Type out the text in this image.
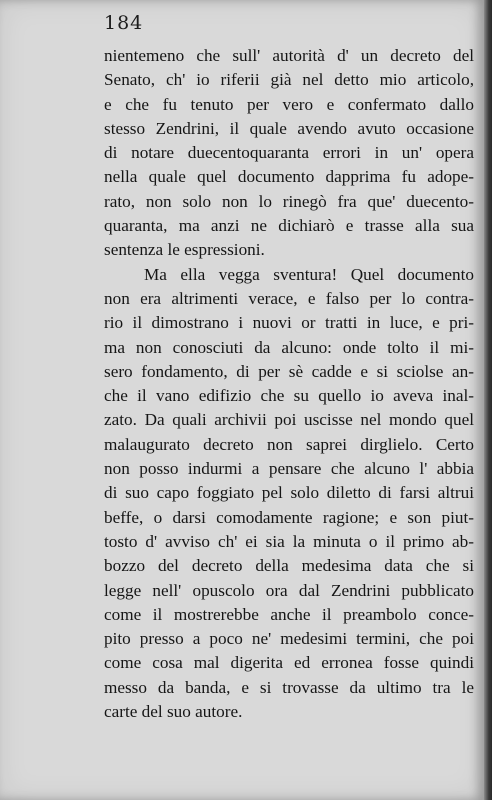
184
nientemeno che sull' autorità d' un decreto del
Senato, ch' io riferii già nel detto mio articolo,
e che fu tenuto per vero e confermato dallo
stesso Zendrini, il quale avendo avuto occasione
di notare duecentoquaranta errori in un' opera
nella quale quel documento dapprima fu adope-
rato, non solo non lo rinegò fra que' duecento-
quaranta, ma anzi ne dichiarò e trasse alla sua
sentenza le espressioni.
Ma ella vegga sventura! Quel documento
non era altrimenti verace, e falso per lo contra-
rio il dimostrano i nuovi or tratti in luce, e pri-
ma non conosciuti da alcuno: onde tolto il mi-
sero fondamento, di per sè cadde e si sciolse an-
che il vano edifizio che su quello io aveva inal-
zato. Da quali archivii poi uscisse nel mondo quel
malaugurato decreto non saprei dirglielo. Certo
non posso indurmi a pensare che alcuno l' abbia
di suo capo foggiato pel solo diletto di farsi altrui
beffe, o darsi comodamente ragione; e son piut-
tosto d' avviso ch' ei sia la minuta o il primo ab-
bozzo del decreto della medesima data che si
legge nell' opuscolo ora dal Zendrini pubblicato
come il mostrerebbe anche il preambolo conce-
pito presso a poco ne' medesimi termini, che poi
come cosa mal digerita ed erronea fosse quindi
messo da banda, e si trovasse da ultimo tra le
carte del suo autore.
